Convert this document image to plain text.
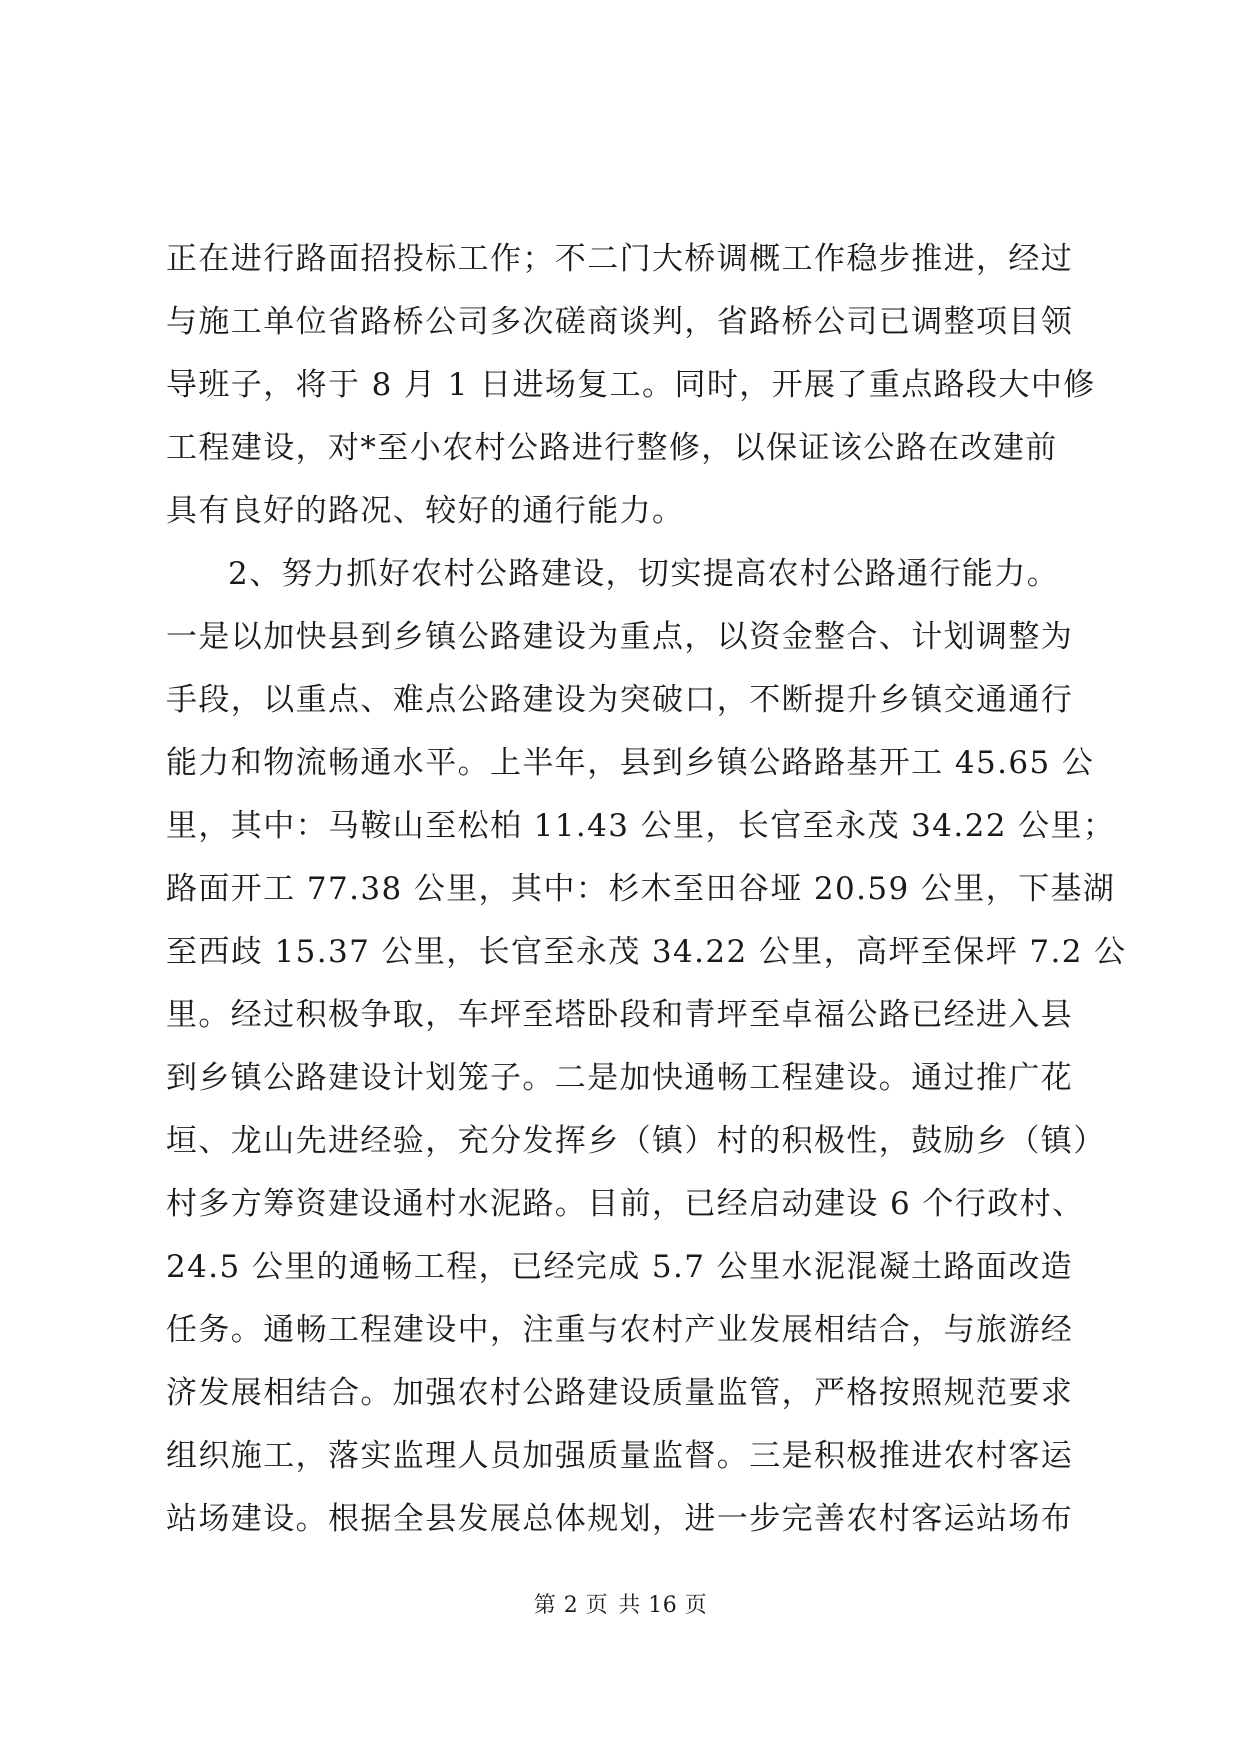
正在进行路面招投标工作；不二门大桥调概工作稳步推进，经过
与施工单位省路桥公司多次磋商谈判，省路桥公司已调整项目领
导班子，将于 8 月 1 日进场复工。同时，开展了重点路段大中修
工程建设，对*至小农村公路进行整修，以保证该公路在改建前
具有良好的路况、较好的通行能力。
2、努力抓好农村公路建设，切实提高农村公路通行能力。
一是以加快县到乡镇公路建设为重点，以资金整合、计划调整为
手段，以重点、难点公路建设为突破口，不断提升乡镇交通通行
能力和物流畅通水平。上半年，县到乡镇公路路基开工 45.65 公
里，其中：马鞍山至松柏 11.43 公里，长官至永茂 34.22 公里；
路面开工 77.38 公里，其中：杉木至田谷垭 20.59 公里，下基湖
至西歧 15.37 公里，长官至永茂 34.22 公里，高坪至保坪 7.2 公
里。经过积极争取，车坪至塔卧段和青坪至卓福公路已经进入县
到乡镇公路建设计划笼子。二是加快通畅工程建设。通过推广花
垣、龙山先进经验，充分发挥乡（镇）村的积极性，鼓励乡（镇）
村多方筹资建设通村水泥路。目前，已经启动建设 6 个行政村、
24.5 公里的通畅工程，已经完成 5.7 公里水泥混凝土路面改造
任务。通畅工程建设中，注重与农村产业发展相结合，与旅游经
济发展相结合。加强农村公路建设质量监管，严格按照规范要求
组织施工，落实监理人员加强质量监督。三是积极推进农村客运
站场建设。根据全县发展总体规划，进一步完善农村客运站场布
第 2 页 共 16 页
